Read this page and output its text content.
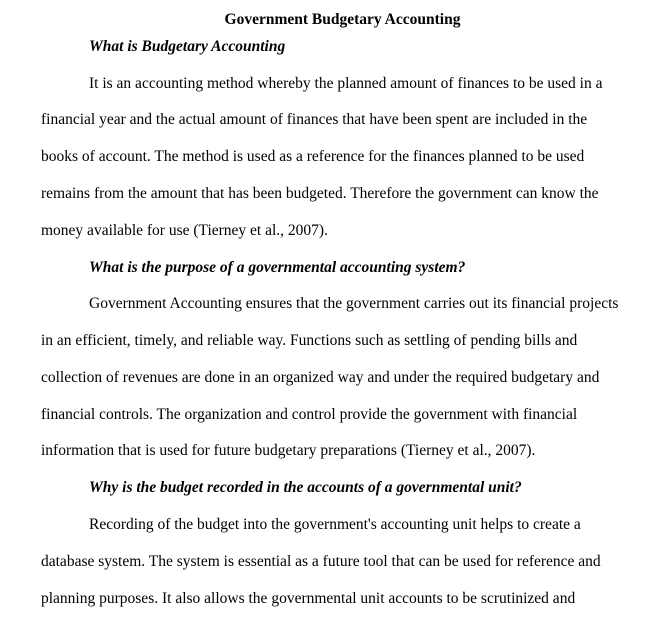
Government Budgetary Accounting
What is Budgetary Accounting
It is an accounting method whereby the planned amount of finances to be used in a
financial year and the actual amount of finances that have been spent are included in the
books of account. The method is used as a reference for the finances planned to be used
remains from the amount that has been budgeted. Therefore the government can know the
money available for use (Tierney et al., 2007).
What is the purpose of a governmental accounting system?
Government Accounting ensures that the government carries out its financial projects
in an efficient, timely, and reliable way. Functions such as settling of pending bills and
collection of revenues are done in an organized way and under the required budgetary and
financial controls. The organization and control provide the government with financial
information that is used for future budgetary preparations (Tierney et al., 2007).
Why is the budget recorded in the accounts of a governmental unit?
Recording of the budget into the government's accounting unit helps to create a
database system. The system is essential as a future tool that can be used for reference and
planning purposes. It also allows the governmental unit accounts to be scrutinized and
